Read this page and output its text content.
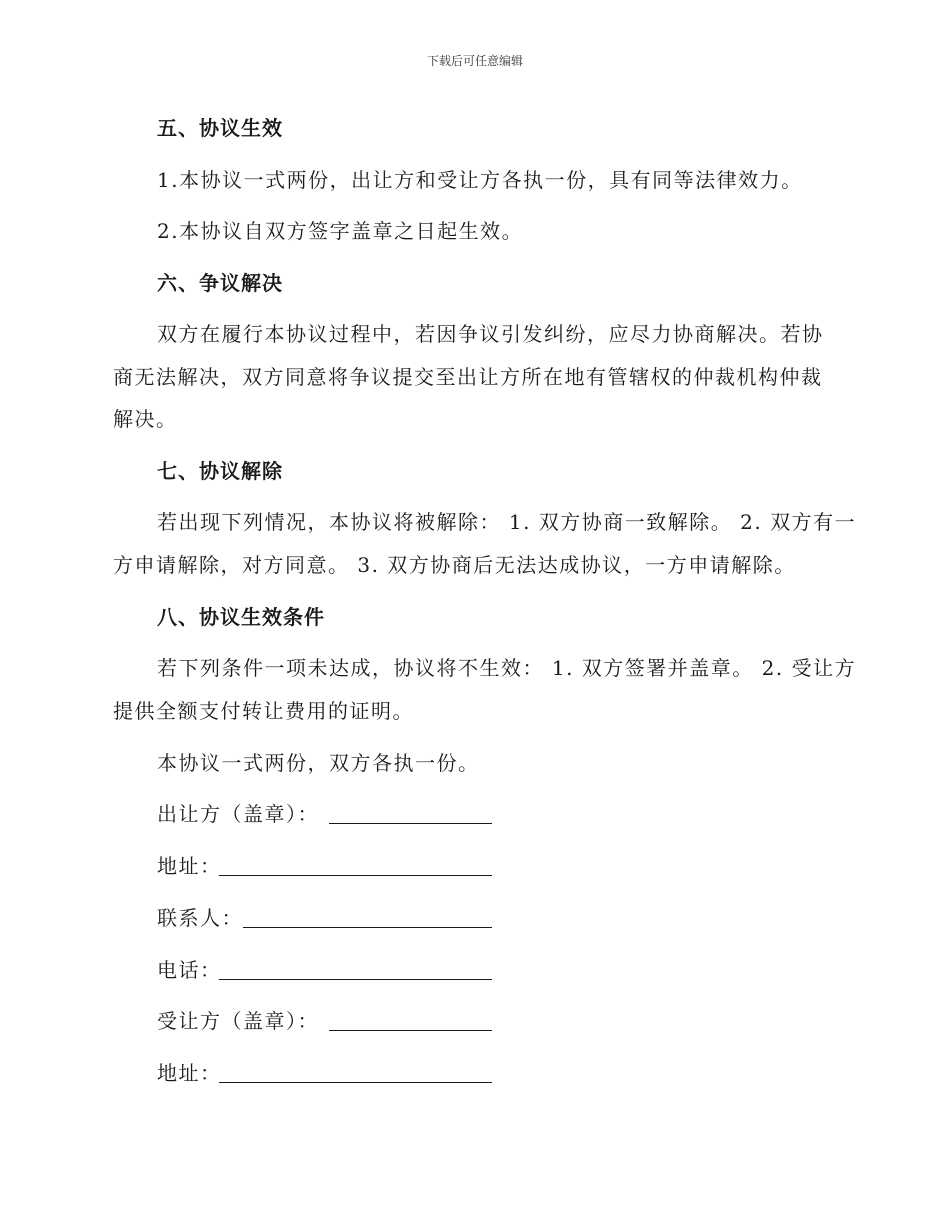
下载后可任意编辑
五、协议生效
1.本协议一式两份，出让方和受让方各执一份，具有同等法律效力。
2.本协议自双方签字盖章之日起生效。
六、争议解决
双方在履行本协议过程中，若因争议引发纠纷，应尽力协商解决。若协
商无法解决，双方同意将争议提交至出让方所在地有管辖权的仲裁机构仲裁
解决。
七、协议解除
若出现下列情况，本协议将被解除： 1. 双方协商一致解除。 2. 双方有一
方申请解除，对方同意。 3. 双方协商后无法达成协议，一方申请解除。
八、协议生效条件
若下列条件一项未达成，协议将不生效： 1. 双方签署并盖章。 2. 受让方
提供全额支付转让费用的证明。
本协议一式两份，双方各执一份。
出让方（盖章）：
地址：
联系人：
电话：
受让方（盖章）：
地址：
